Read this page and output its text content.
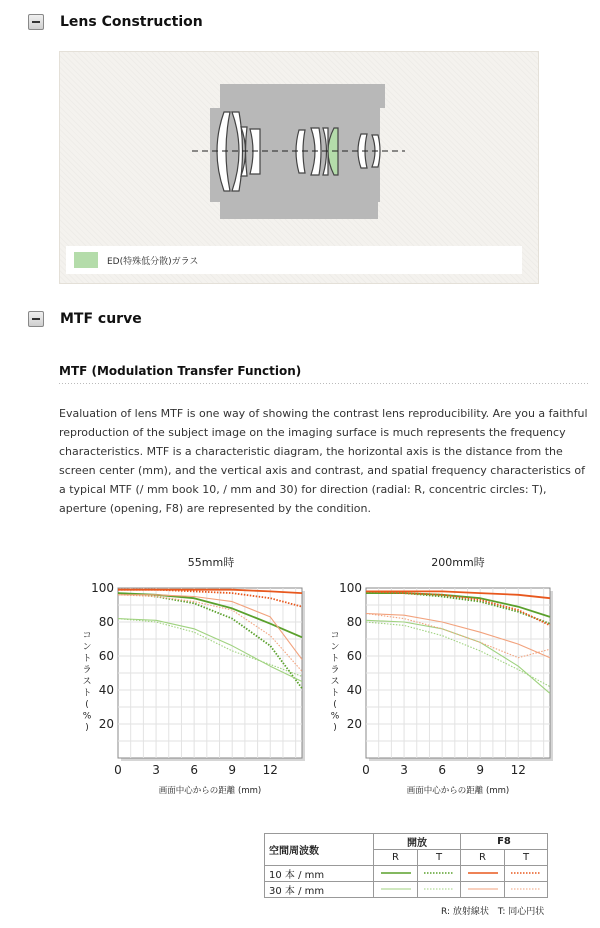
Lens Construction
ED(特殊低分散)ガラス
MTF curve
MTF (Modulation Transfer Function)
Evaluation of lens MTF is one way of showing the contrast lens reproducibility. Are you a faithful reproduction of the subject image on the imaging surface is much represents the frequency characteristics. MTF is a characteristic diagram, the horizontal axis is the distance from the screen center (mm), and the vertical axis and contrast, and spatial frequency characteristics of a typical MTF (/ mm book 10, / mm and 30) for direction (radial: R, concentric circles: T), aperture (opening, F8) are represented by the condition.
55mm時	200mm時
0	3	6	9 12
20
40
60
80
100
画面中心からの距離 (mm)
コ
ン
ト
ラ
ス
ト
(
%
)
0	3	6	9 12
20
40
60
80
100
画面中心からの距離 (mm)
コ
ン
ト
ラ
ス
ト
(
%
)
空間周波数	開放		F8	
	R	T	R	T
10 本 / mm				
30 本 / mm				
R: 放射線状　T: 同心円状
